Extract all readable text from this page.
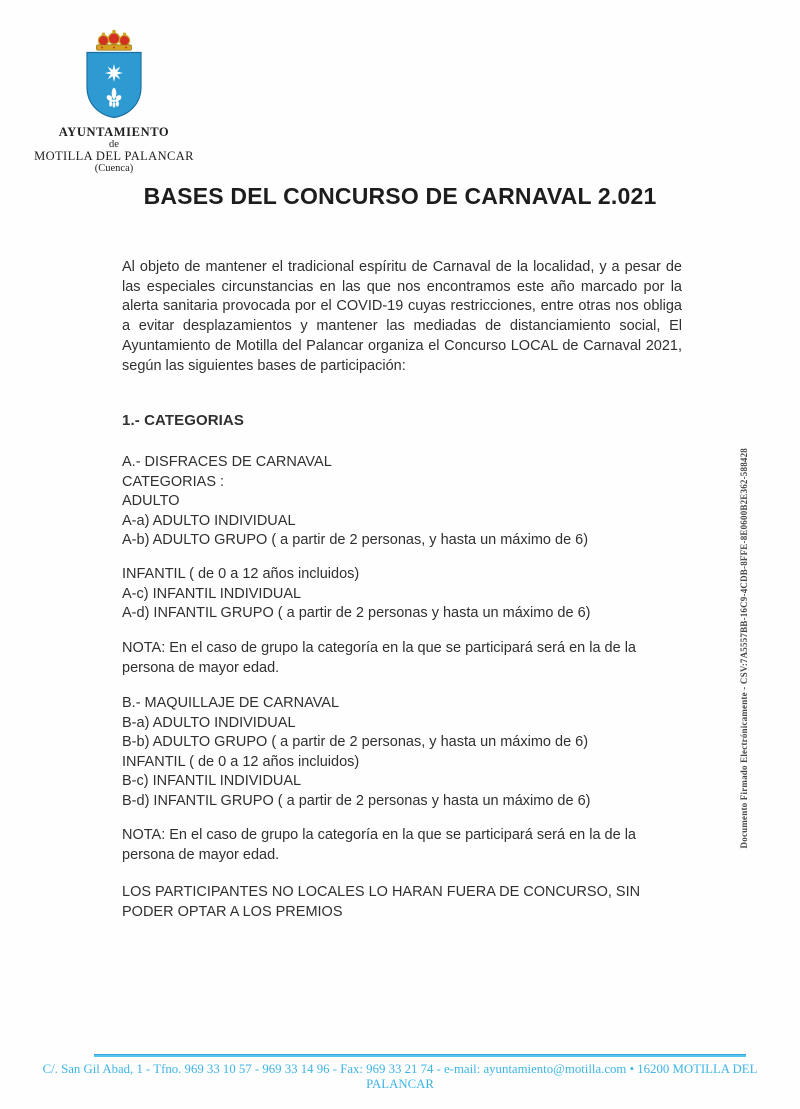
AYUNTAMIENTO
de
MOTILLA DEL PALANCAR
(Cuenca)
BASES DEL CONCURSO DE CARNAVAL 2.021
Al objeto de mantener el tradicional espíritu de Carnaval de la localidad, y a pesar de las especiales circunstancias en las que nos encontramos este año marcado por la alerta sanitaria provocada por el COVID-19 cuyas restricciones, entre otras nos obliga a evitar desplazamientos y mantener las mediadas de distanciamiento social, El Ayuntamiento de Motilla del Palancar organiza el Concurso LOCAL de Carnaval 2021, según las siguientes bases de participación:
1.- CATEGORIAS
A.- DISFRACES DE CARNAVAL
CATEGORIAS :
ADULTO
A-a) ADULTO INDIVIDUAL
A-b) ADULTO GRUPO ( a partir de 2 personas, y hasta un máximo de 6)
INFANTIL ( de 0 a 12 años incluidos)
A-c) INFANTIL INDIVIDUAL
A-d) INFANTIL GRUPO ( a partir de 2 personas y hasta un máximo de 6)
NOTA: En el caso de grupo la categoría en la que se participará será en la de la persona de mayor edad.
B.- MAQUILLAJE DE CARNAVAL
B-a) ADULTO INDIVIDUAL
B-b) ADULTO GRUPO ( a partir de 2 personas, y hasta un máximo de 6)
INFANTIL ( de 0 a 12 años incluidos)
B-c) INFANTIL INDIVIDUAL
B-d) INFANTIL GRUPO ( a partir de 2 personas y hasta un máximo de 6)
NOTA: En el caso de grupo la categoría en la que se participará será en la de la persona de mayor edad.
LOS PARTICIPANTES NO LOCALES LO HARAN FUERA DE CONCURSO, SIN PODER OPTAR A LOS PREMIOS
Documento Firmado Electrónicamente - CSV:7A5557BB-16C9-4CDB-8FFE-8E0600B2E362-588428
C/. San Gil Abad, 1 - Tfno. 969 33 10 57 - 969 33 14 96 - Fax: 969 33 21 74 - e-mail: ayuntamiento@motilla.com • 16200 MOTILLA DEL PALANCAR
